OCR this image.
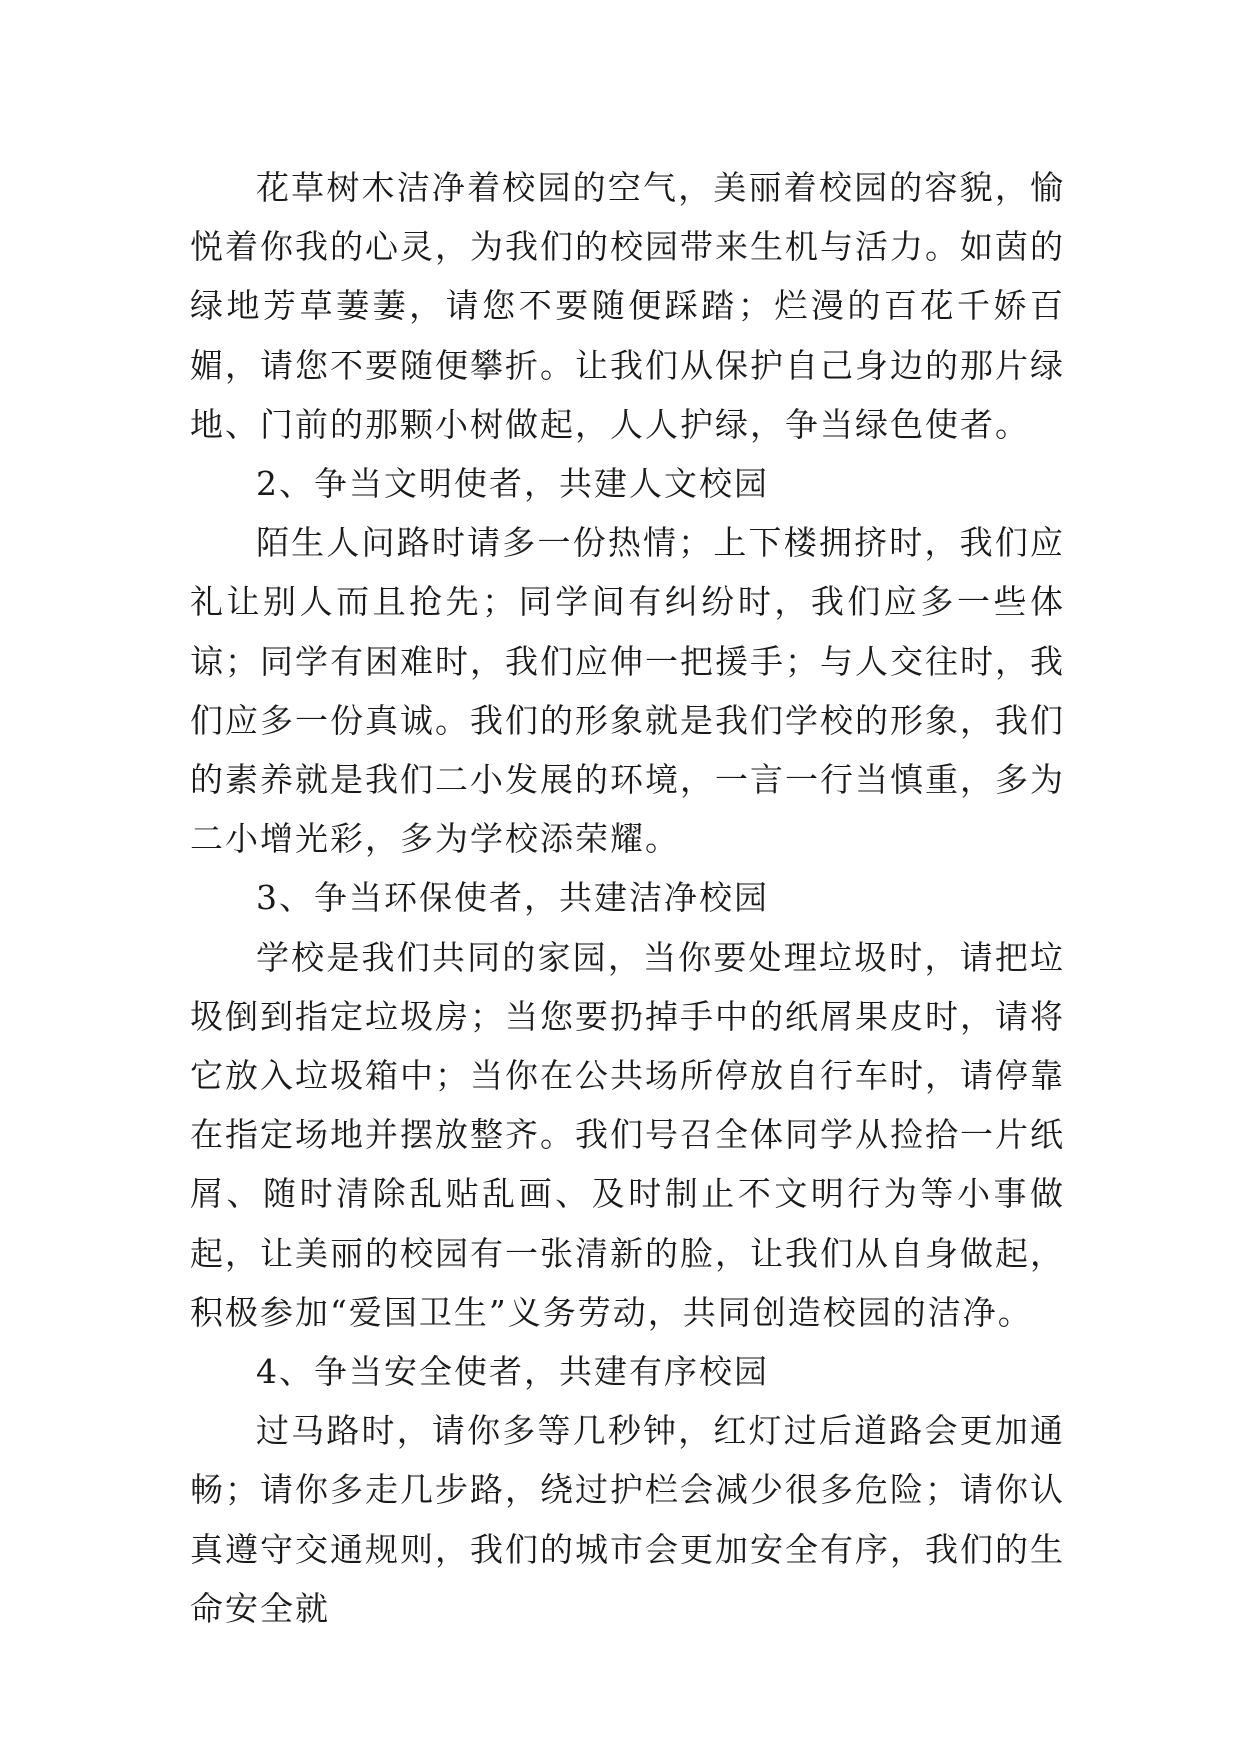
花草树木洁净着校园的空气，美丽着校园的容貌，愉悦着你我的心灵，为我们的校园带来生机与活力。如茵的绿地芳草萋萋，请您不要随便踩踏；烂漫的百花千娇百媚，请您不要随便攀折。让我们从保护自己身边的那片绿地、门前的那颗小树做起，人人护绿，争当绿色使者。

2、争当文明使者，共建人文校园

陌生人问路时请多一份热情；上下楼拥挤时，我们应礼让别人而且抢先；同学间有纠纷时，我们应多一些体谅；同学有困难时，我们应伸一把援手；与人交往时，我们应多一份真诚。我们的形象就是我们学校的形象，我们的素养就是我们二小发展的环境，一言一行当慎重，多为二小增光彩，多为学校添荣耀。

3、争当环保使者，共建洁净校园

学校是我们共同的家园，当你要处理垃圾时，请把垃圾倒到指定垃圾房；当您要扔掉手中的纸屑果皮时，请将它放入垃圾箱中；当你在公共场所停放自行车时，请停靠在指定场地并摆放整齐。我们号召全体同学从捡拾一片纸屑、随时清除乱贴乱画、及时制止不文明行为等小事做起，让美丽的校园有一张清新的脸，让我们从自身做起，积极参加“爱国卫生”义务劳动，共同创造校园的洁净。

4、争当安全使者，共建有序校园

过马路时，请你多等几秒钟，红灯过后道路会更加通畅；请你多走几步路，绕过护栏会减少很多危险；请你认真遵守交通规则，我们的城市会更加安全有序，我们的生命安全就
